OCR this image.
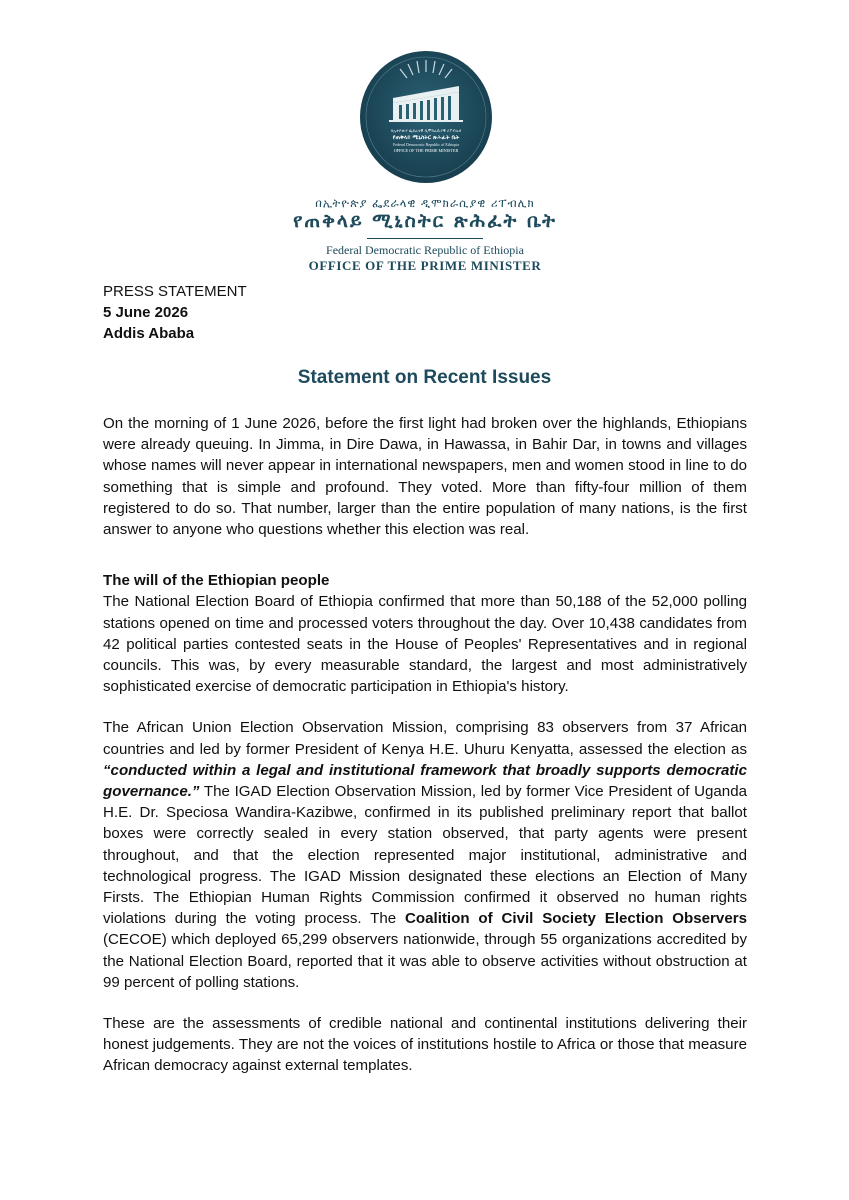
በኢትዮጵያ ፌደራላዊ ዲሞክራሲያዊ ሪፐብሊክ
የጠቅላይ ሚኒስትር ጽሕፈት ቤት
Federal Democratic Republic of Ethiopia
OFFICE OF THE PRIME MINISTER
በኢትዮጵያ ፌደራላዊ ዲሞክራሲያዊ ሪፐብሊክ
የጠቅላይ ሚኒስትር ጽሕፈት ቤት
Federal Democratic Republic of Ethiopia
OFFICE OF THE PRIME MINISTER
PRESS STATEMENT
5 June 2026
Addis Ababa
Statement on Recent Issues

On the morning of 1 June 2026, before the first light had broken over the highlands, Ethiopians were already queuing. In Jimma, in Dire Dawa, in Hawassa, in Bahir Dar, in towns and villages whose names will never appear in international newspapers, men and women stood in line to do something that is simple and profound. They voted. More than fifty-four million of them registered to do so. That number, larger than the entire population of many nations, is the first answer to anyone who questions whether this election was real.

The will of the Ethiopian people

The National Election Board of Ethiopia confirmed that more than 50,188 of the 52,000 polling stations opened on time and processed voters throughout the day. Over 10,438 candidates from 42 political parties contested seats in the House of Peoples' Representatives and in regional councils. This was, by every measurable standard, the largest and most administratively sophisticated exercise of democratic participation in Ethiopia's history.

The African Union Election Observation Mission, comprising 83 observers from 37 African countries and led by former President of Kenya H.E. Uhuru Kenyatta, assessed the election as “conducted within a legal and institutional framework that broadly supports democratic governance.” The IGAD Election Observation Mission, led by former Vice President of Uganda H.E. Dr. Speciosa Wandira-Kazibwe, confirmed in its published preliminary report that ballot boxes were correctly sealed in every station observed, that party agents were present throughout, and that the election represented major institutional, administrative and technological progress. The IGAD Mission designated these elections an Election of Many Firsts. The Ethiopian Human Rights Commission confirmed it observed no human rights violations during the voting process. The Coalition of Civil Society Election Observers (CECOE) which deployed 65,299 observers nationwide, through 55 organizations accredited by the National Election Board, reported that it was able to observe activities without obstruction at 99 percent of polling stations.

These are the assessments of credible national and continental institutions delivering their honest judgements. They are not the voices of institutions hostile to Africa or those that measure African democracy against external templates.
